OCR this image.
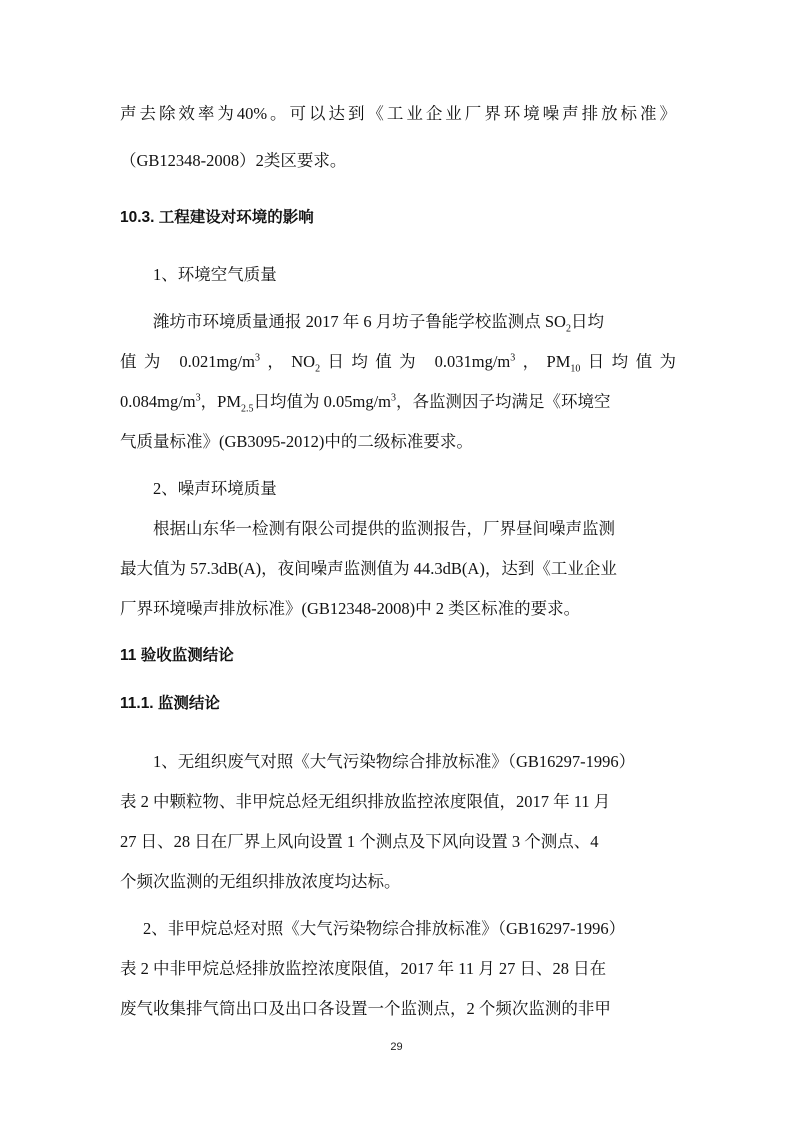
声去除效率为40%。可以达到《工业企业厂界环境噪声排放标准》
（GB12348-2008）2类区要求。
10.3. 工程建设对环境的影响
1、环境空气质量
潍坊市环境质量通报 2017 年 6 月坊子鲁能学校监测点 $SO_2$日均
值为 $0.021mg/m^3$，$NO_2$日均值为 $0.031mg/m^3$，$PM_{10}$日均值为
$0.084mg/m^3$，$PM_{2.5}$日均值为 $0.05mg/m^3$，各监测因子均满足《环境空
气质量标准》(GB3095-2012)中的二级标准要求。
2、噪声环境质量
根据山东华一检测有限公司提供的监测报告，厂界昼间噪声监测
最大值为 57.3dB(A)，夜间噪声监测值为 44.3dB(A)，达到《工业企业
厂界环境噪声排放标准》(GB12348-2008)中 2 类区标准的要求。
11 验收监测结论
11.1. 监测结论
1、无组织废气对照《大气污染物综合排放标准》（GB16297-1996）
表 2 中颗粒物、非甲烷总烃无组织排放监控浓度限值，2017 年 11 月
27 日、28 日在厂界上风向设置 1 个测点及下风向设置 3 个测点、4
个频次监测的无组织排放浓度均达标。
2、非甲烷总烃对照《大气污染物综合排放标准》（GB16297-1996）
表 2 中非甲烷总烃排放监控浓度限值，2017 年 11 月 27 日、28 日在
废气收集排气筒出口及出口各设置一个监测点，2 个频次监测的非甲
29
